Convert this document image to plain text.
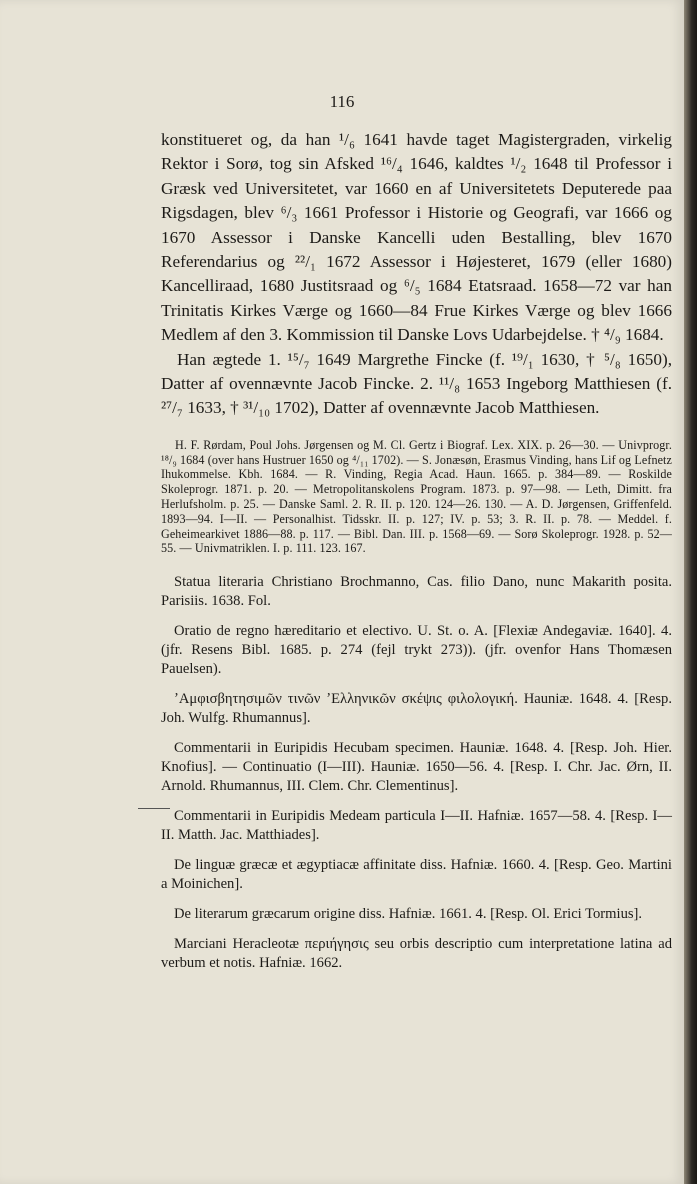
116

konstitueret og, da han ¹/₆ 1641 havde taget Magistergraden, virkelig Rektor i Sorø, tog sin Afsked ¹⁶/₄ 1646, kaldtes ¹/₂ 1648 til Professor i Græsk ved Universitetet, var 1660 en af Universitetets Deputerede paa Rigsdagen, blev ⁶/₃ 1661 Professor i Historie og Geografi, var 1666 og 1670 Assessor i Danske Kancelli uden Bestalling, blev 1670 Referendarius og ²²/₁ 1672 Assessor i Højesteret, 1679 (eller 1680) Kancelliraad, 1680 Justitsraad og ⁶/₅ 1684 Etatsraad. 1658—72 var han Trinitatis Kirkes Værge og 1660—84 Frue Kirkes Værge og blev 1666 Medlem af den 3. Kommission til Danske Lovs Udarbejdelse. † ⁴/₉ 1684.

Han ægtede 1. ¹⁵/₇ 1649 Margrethe Fincke (f. ¹⁹/₁ 1630, † ⁵/₈ 1650), Datter af ovennævnte Jacob Fincke. 2. ¹¹/₈ 1653 Ingeborg Matthiesen (f. ²⁷/₇ 1633, † ³¹/₁₀ 1702), Datter af ovennævnte Jacob Matthiesen.

H. F. Rørdam, Poul Johs. Jørgensen og M. Cl. Gertz i Biograf. Lex. XIX. p. 26—30. — Univprogr. ¹⁸/₉ 1684 (over hans Hustruer 1650 og ⁴/₁₁ 1702). — S. Jonæsøn, Erasmus Vinding, hans Lif og Lefnetz Ihukommelse. Kbh. 1684. — R. Vinding, Regia Acad. Haun. 1665. p. 384—89. — Roskilde Skoleprogr. 1871. p. 20. — Metropolitanskolens Program. 1873. p. 97—98. — Leth, Dimitt. fra Herlufsholm. p. 25. — Danske Saml. 2. R. II. p. 120. 124—26. 130. — A. D. Jørgensen, Griffenfeld. 1893—94. I—II. — Personalhist. Tidsskr. II. p. 127; IV. p. 53; 3. R. II. p. 78. — Meddel. f. Geheimearkivet 1886—88. p. 117. — Bibl. Dan. III. p. 1568—69. — Sorø Skoleprogr. 1928. p. 52—55. — Univmatriklen. I. p. 111. 123. 167.

Statua literaria Christiano Brochmanno, Cas. filio Dano, nunc Makarith posita. Parisiis. 1638. Fol.

Oratio de regno hæreditario et electivo. U. St. o. A. [Flexiæ Andegaviæ. 1640]. 4. (jfr. Resens Bibl. 1685. p. 274 (fejl trykt 273)). (jfr. ovenfor Hans Thomæsen Pauelsen).

ʼΑμφισβητησιμῶν τινῶν ʼΕλληνικῶν σκέψις φιλολογική. Hauniæ. 1648. 4. [Resp. Joh. Wulfg. Rhumannus].

Commentarii in Euripidis Hecubam specimen. Hauniæ. 1648. 4. [Resp. Joh. Hier. Knofius]. — Continuatio (I—III). Hauniæ. 1650—56. 4. [Resp. I. Chr. Jac. Ørn, II. Arnold. Rhumannus, III. Clem. Chr. Clementinus].

Commentarii in Euripidis Medeam particula I—II. Hafniæ. 1657—58. 4. [Resp. I—II. Matth. Jac. Matthiades].

De linguæ græcæ et ægyptiacæ affinitate diss. Hafniæ. 1660. 4. [Resp. Geo. Martini a Moinichen].

De literarum græcarum origine diss. Hafniæ. 1661. 4. [Resp. Ol. Erici Tormius].

Marciani Heracleotæ περιήγησις seu orbis descriptio cum interpretatione latina ad verbum et notis. Hafniæ. 1662.
